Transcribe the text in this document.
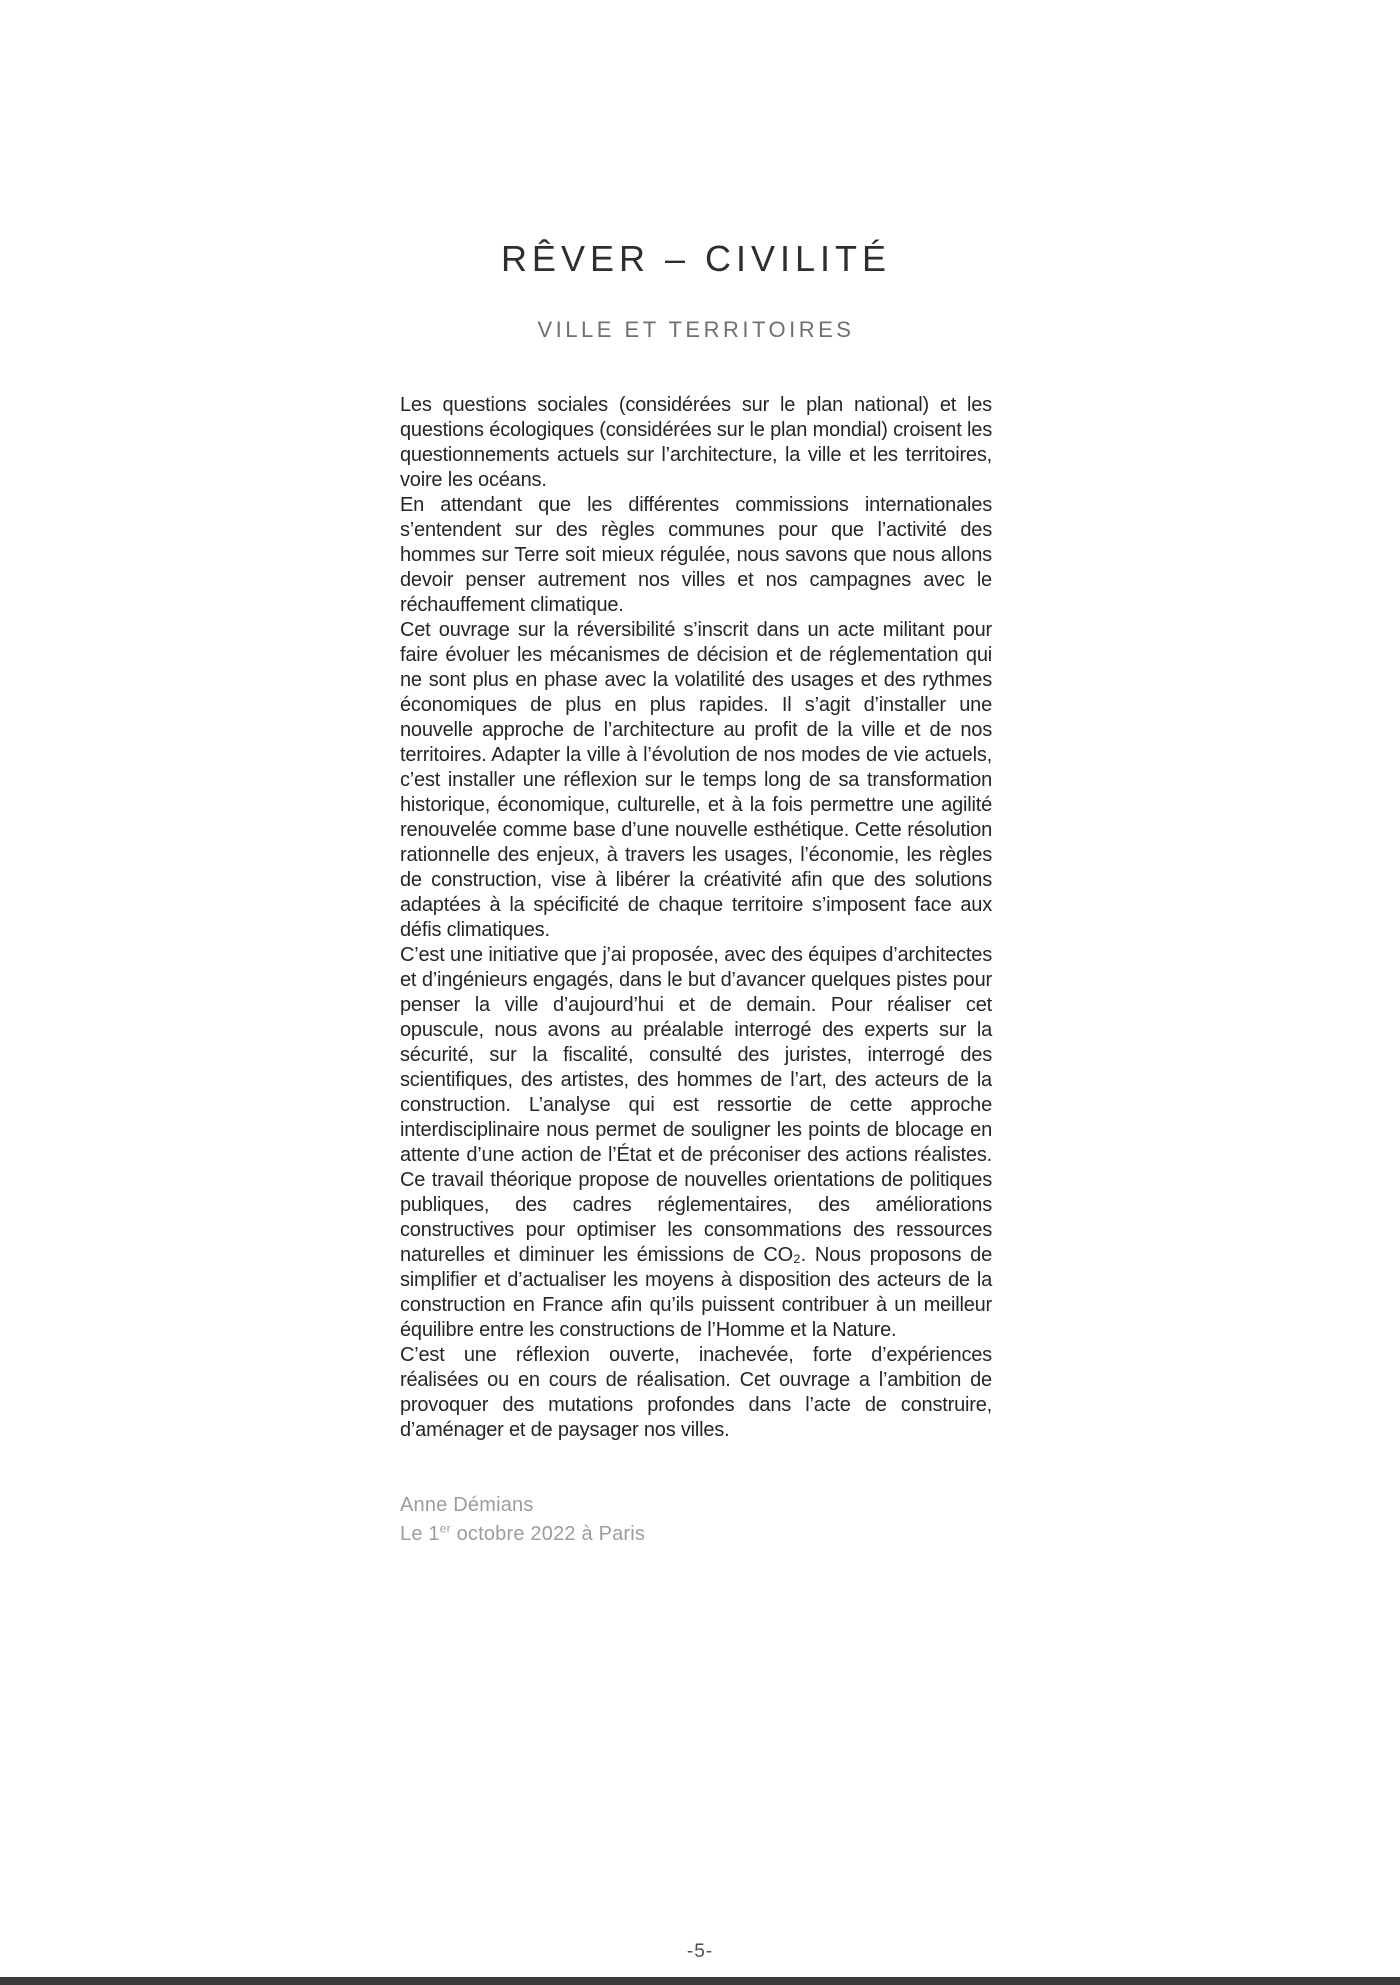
RÊVER – CIVILITÉ
VILLE ET TERRITOIRES

Les questions sociales (considérées sur le plan national) et les questions écologiques (considérées sur le plan mondial) croisent les questionnements actuels sur l’architecture, la ville et les territoires, voire les océans.

En attendant que les différentes commissions internationales s’entendent sur des règles communes pour que l’activité des hommes sur Terre soit mieux régulée, nous savons que nous allons devoir penser autrement nos villes et nos campagnes avec le réchauffement climatique.

Cet ouvrage sur la réversibilité s’inscrit dans un acte militant pour faire évoluer les mécanismes de décision et de réglementation qui ne sont plus en phase avec la volatilité des usages et des rythmes économiques de plus en plus rapides. Il s’agit d’installer une nouvelle approche de l’architecture au profit de la ville et de nos territoires. Adapter la ville à l’évolution de nos modes de vie actuels, c’est installer une réflexion sur le temps long de sa transformation historique, économique, culturelle, et à la fois permettre une agilité renouvelée comme base d’une nouvelle esthétique. Cette résolution rationnelle des enjeux, à travers les usages, l’économie, les règles de construction, vise à libérer la créativité afin que des solutions adaptées à la spécificité de chaque territoire s’imposent face aux défis climatiques.

C’est une initiative que j’ai proposée, avec des équipes d’architectes et d’ingénieurs engagés, dans le but d’avancer quelques pistes pour penser la ville d’aujourd’hui et de demain. Pour réaliser cet opuscule, nous avons au préalable interrogé des experts sur la sécurité, sur la fiscalité, consulté des juristes, interrogé des scientifiques, des artistes, des hommes de l’art, des acteurs de la construction. L’analyse qui est ressortie de cette approche interdisciplinaire nous permet de souligner les points de blocage en attente d’une action de l’État et de préconiser des actions réalistes. Ce travail théorique propose de nouvelles orientations de politiques publiques, des cadres réglementaires, des améliorations constructives pour optimiser les consommations des ressources naturelles et diminuer les émissions de CO₂. Nous proposons de simplifier et d’actualiser les moyens à disposition des acteurs de la construction en France afin qu’ils puissent contribuer à un meilleur équilibre entre les constructions de l’Homme et la Nature.

C’est une réflexion ouverte, inachevée, forte d’expériences réalisées ou en cours de réalisation. Cet ouvrage a l’ambition de provoquer des mutations profondes dans l’acte de construire, d’aménager et de paysager nos villes.

Anne Démians
Le 1er octobre 2022 à Paris
-5-
